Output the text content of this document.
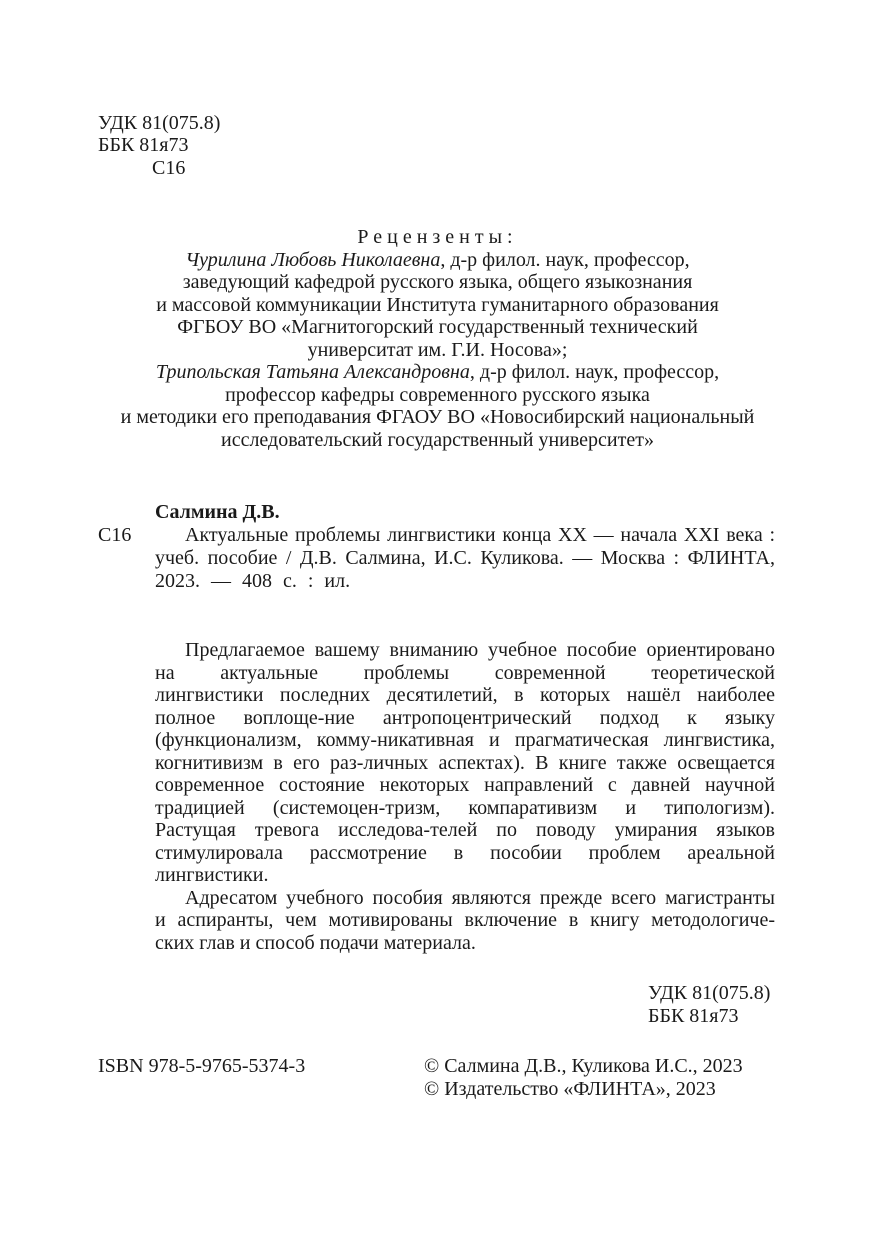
УДК 81(075.8)
ББК 81я73
С16
Рецензенты:
Чурилина Любовь Николаевна, д-р филол. наук, профессор,
заведующий кафедрой русского языка, общего языкознания
и массовой коммуникации Института гуманитарного образования
ФГБОУ ВО «Магнитогорский государственный технический
университат им. Г.И. Носова»;
Трипольская Татьяна Александровна, д-р филол. наук, профессор,
профессор кафедры современного русского языка
и методики его преподавания ФГАОУ ВО «Новосибирский национальный
исследовательский государственный университет»
Салмина Д.В.
С16	Актуальные проблемы лингвистики конца XX — начала XXI века :
учеб. пособие / Д.В. Салмина, И.С. Куликова. — Москва : ФЛИНТА,
2023. — 408 с. : ил.
Предлагаемое вашему вниманию учебное пособие ориентировано
на актуальные проблемы современной теоретической
лингвистики последних десятилетий, в которых нашёл наиболее
полное воплоще-ние антропоцентрический подход к языку
(функционализм, комму-никативная и прагматическая лингвистика,
когнитивизм в его раз-личных аспектах). В книге также освещается
современное состояние некоторых направлений с давней научной
традицией (системоцен-тризм, компаративизм и типологизм).
Растущая тревога исследова-телей по поводу умирания языков
стимулировала рассмотрение в пособии проблем ареальной
лингвистики.
Адресатом учебного пособия являются прежде всего магистранты
и аспиранты, чем мотивированы включение в книгу методологиче-
ских глав и способ подачи материала.
УДК 81(075.8)
ББК 81я73
ISBN 978-5-9765-5374-3	© Салмина Д.В., Куликова И.С., 2023
© Издательство «ФЛИНТА», 2023
